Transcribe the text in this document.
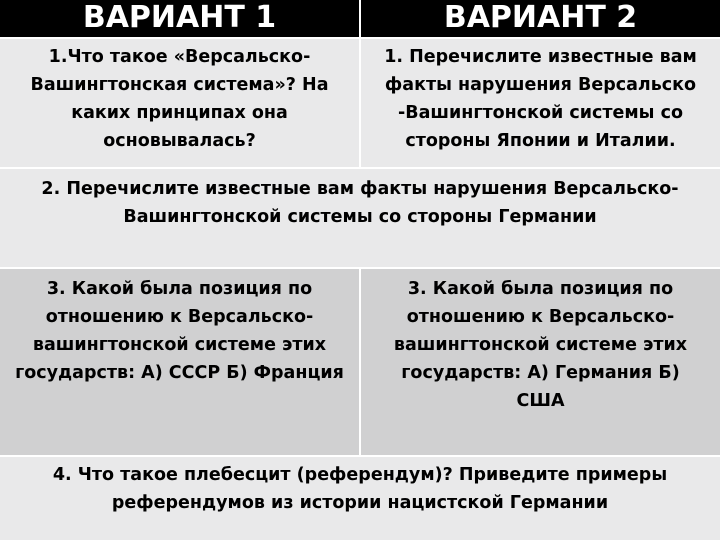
ВАРИАНТ 1	ВАРИАНТ 2
1.Что такое «Версальско-Вашингтонская система»? На каких принципах она основывалась?
1. Перечислите известные вам факты нарушения Версальско -Вашингтонской системы со стороны Японии и Италии.
2. Перечислите известные вам факты нарушения Версальско-Вашингтонской системы со стороны Германии
3. Какой была позиция по отношению к Версальско-вашингтонской системе этих государств: А) СССР Б) Франция
3. Какой была позиция по отношению к Версальско-вашингтонской системе этих государств: А) Германия Б) США
4. Что такое плебесцит (референдум)? Приведите примеры референдумов из истории нацистской Германии
